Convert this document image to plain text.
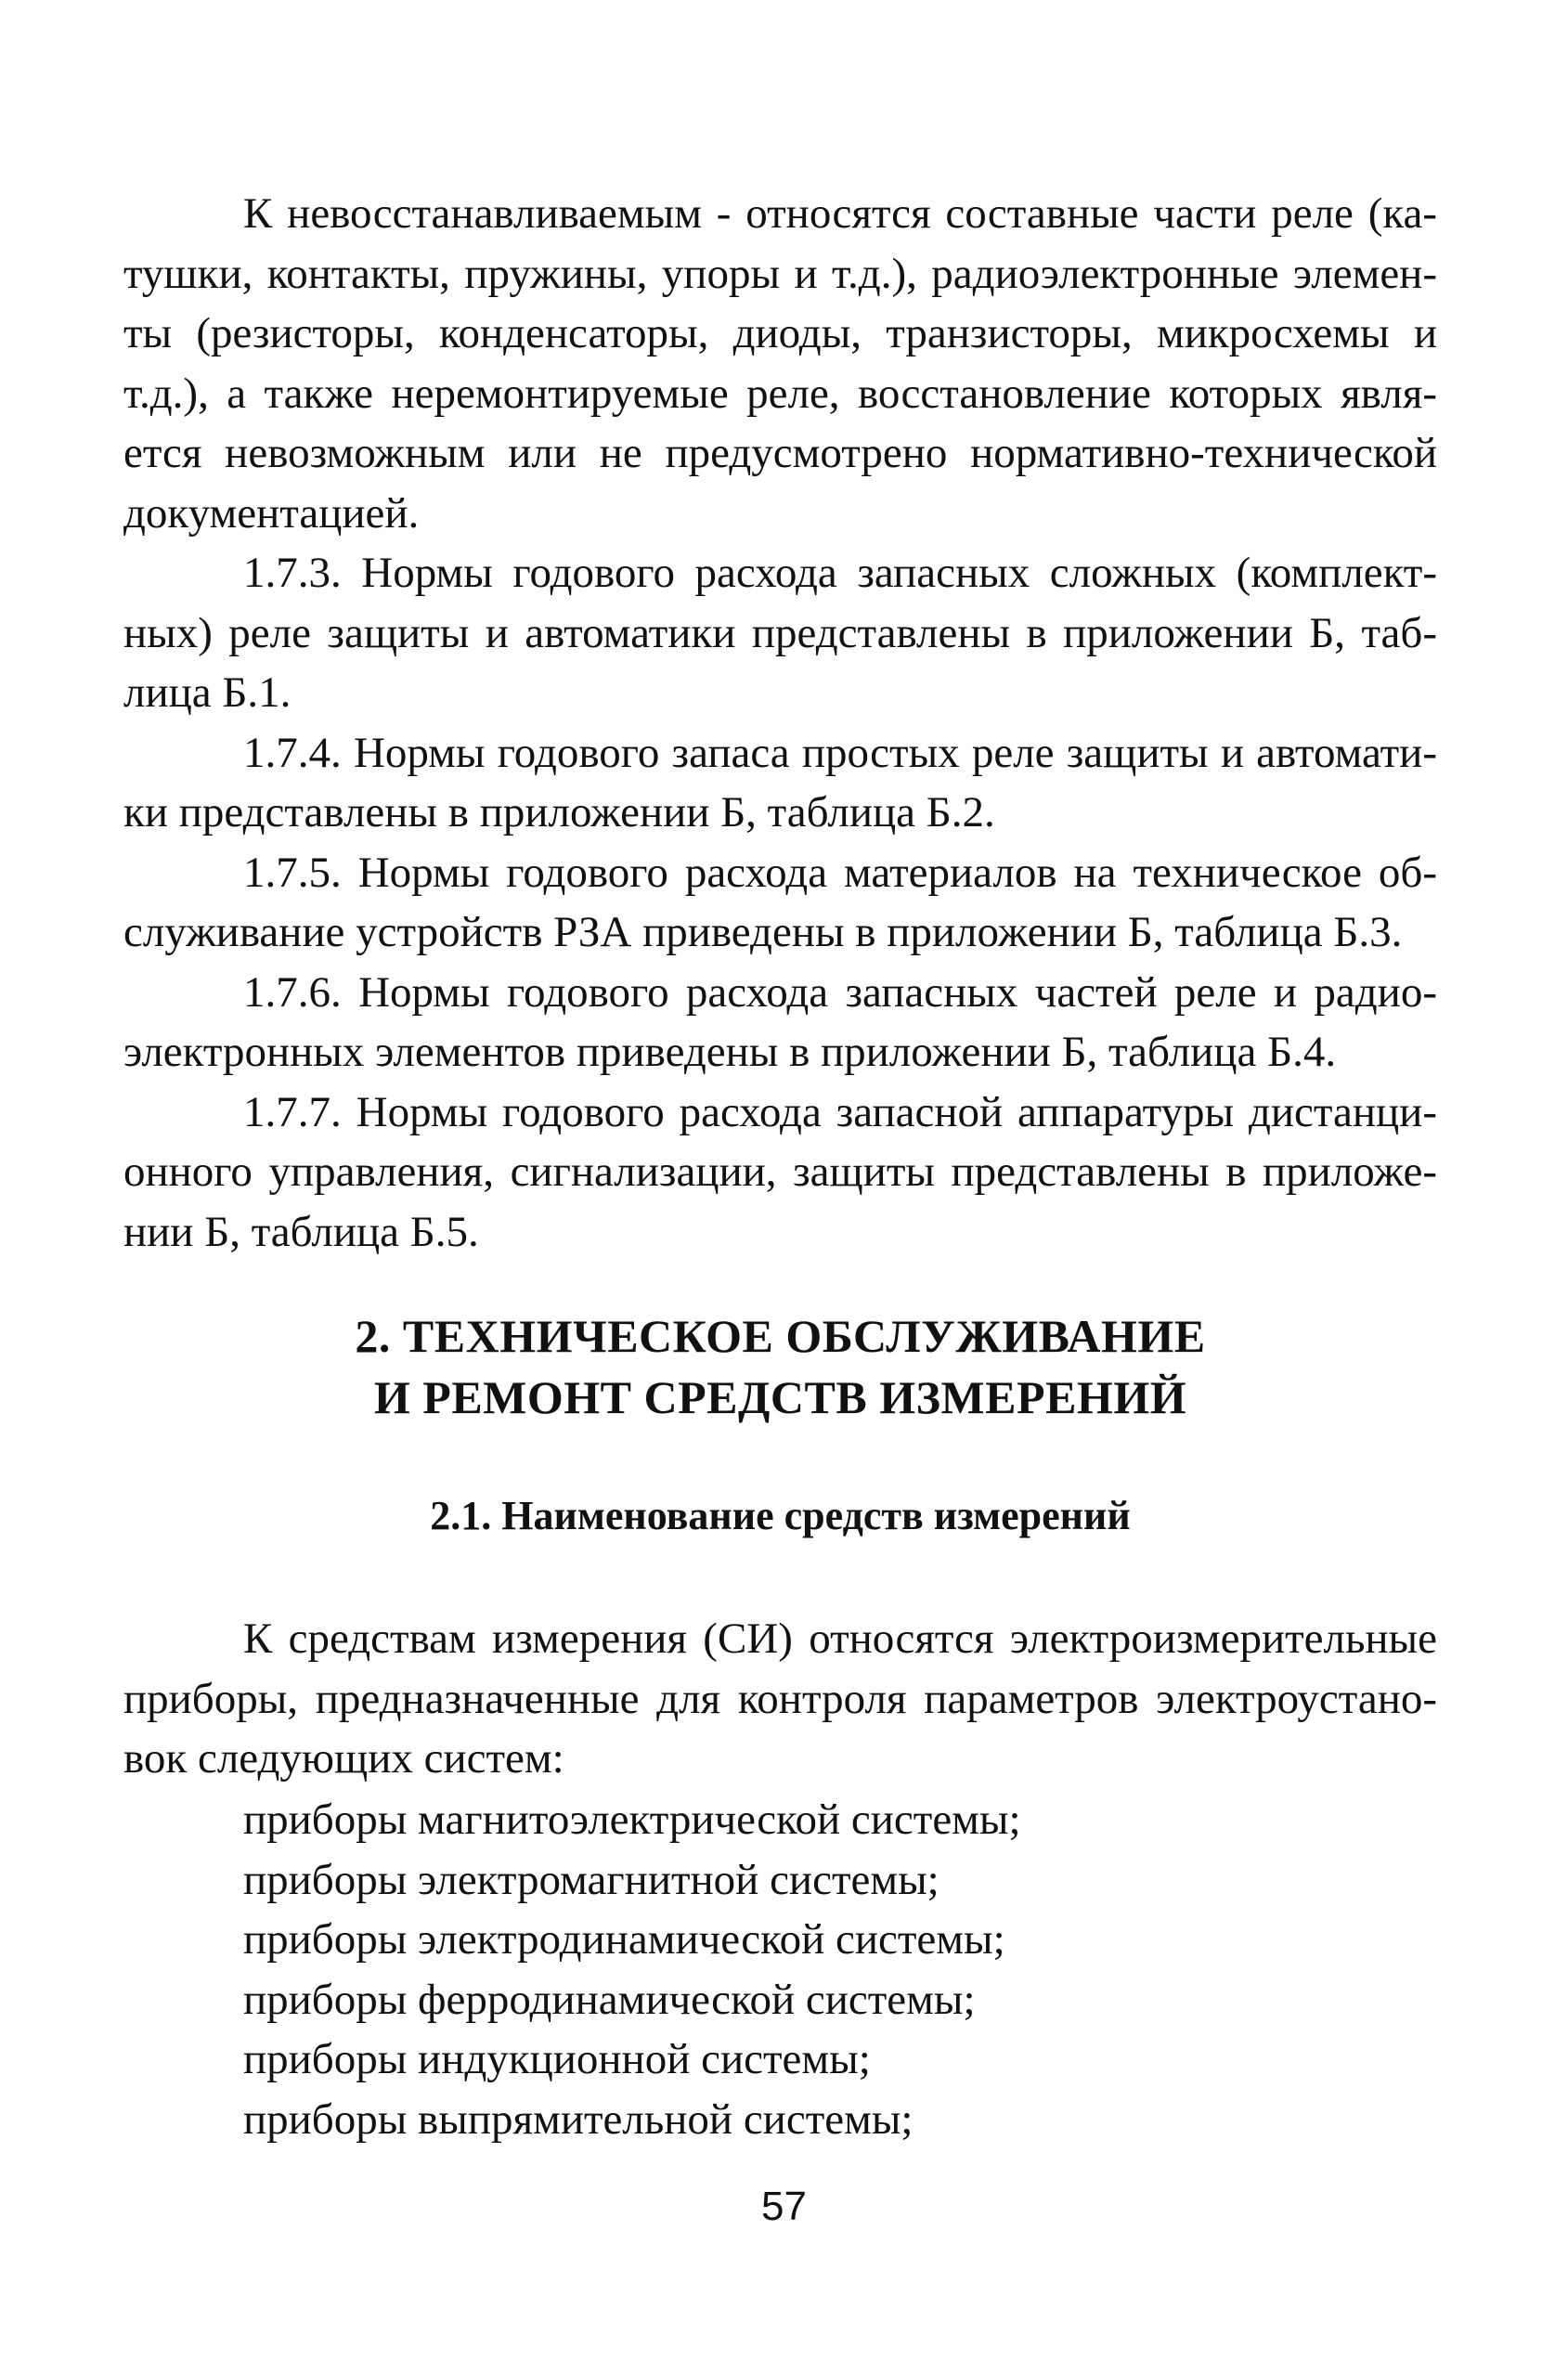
К невосстанавливаемым - относятся составные части реле (катушки, контакты, пружины, упоры и т.д.), радиоэлектронные элементы (резисторы, конденсаторы, диоды, транзисторы, микросхемы и т.д.), а также неремонтируемые реле, восстановление которых является невозможным или не предусмотрено нормативно-технической документацией.

1.7.3. Нормы годового расхода запасных сложных (комплектных) реле защиты и автоматики представлены в приложении Б, таблица Б.1.

1.7.4. Нормы годового запаса простых реле защиты и автоматики представлены в приложении Б, таблица Б.2.

1.7.5. Нормы годового расхода материалов на техническое обслуживание устройств РЗА приведены в приложении Б, таблица Б.3.

1.7.6. Нормы годового расхода запасных частей реле и радиоэлектронных элементов приведены в приложении Б, таблица Б.4.

1.7.7. Нормы годового расхода запасной аппаратуры дистанционного управления, сигнализации, защиты представлены в приложении Б, таблица Б.5.

2. ТЕХНИЧЕСКОЕ ОБСЛУЖИВАНИЕ
И РЕМОНТ СРЕДСТВ ИЗМЕРЕНИЙ
2.1. Наименование средств измерений

К средствам измерения (СИ) относятся электроизмерительные приборы, предназначенные для контроля параметров электроустановок следующих систем:

приборы магнитоэлектрической системы;
приборы электромагнитной системы;
приборы электродинамической системы;
приборы ферродинамической системы;
приборы индукционной системы;
приборы выпрямительной системы;
57
